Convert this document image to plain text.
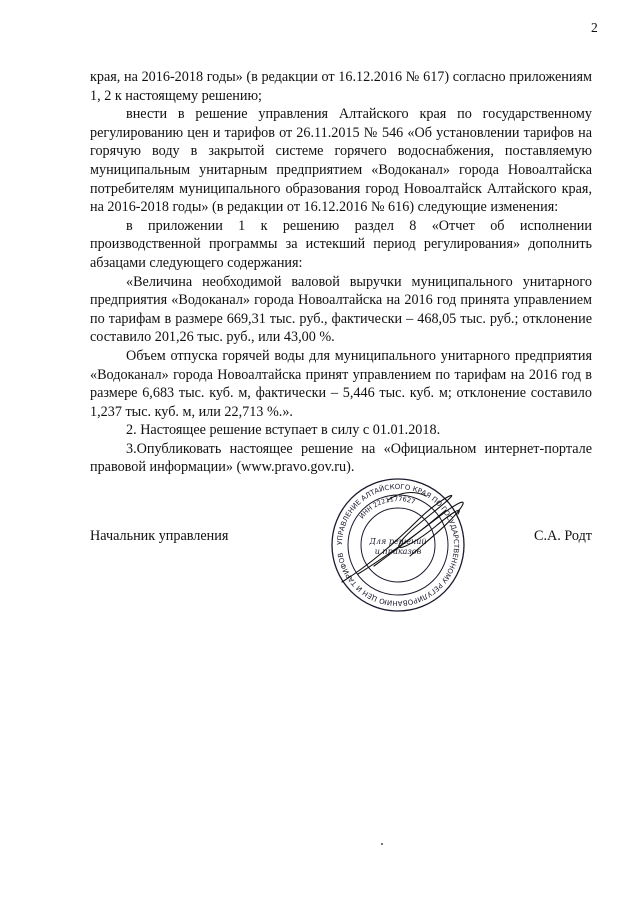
2

края, на 2016-2018 годы» (в редакции от 16.12.2016 № 617) согласно приложениям 1, 2 к настоящему решению;

внести в решение управления Алтайского края по государственному регулированию цен и тарифов от 26.11.2015 № 546 «Об установлении тарифов на горячую воду в закрытой системе горячего водоснабжения, поставляемую муниципальным унитарным предприятием «Водоканал» города Новоалтайска потребителям муниципального образования город Новоалтайск Алтайского края, на 2016-2018 годы» (в редакции от 16.12.2016 № 616) следующие изменения:

в приложении 1 к решению раздел 8 «Отчет об исполнении производственной программы за истекший период регулирования» дополнить абзацами следующего содержания:

«Величина необходимой валовой выручки муниципального унитарного предприятия «Водоканал» города Новоалтайска на 2016 год принята управлением по тарифам в размере 669,31 тыс. руб., фактически – 468,05 тыс. руб.; отклонение составило 201,26 тыс. руб., или 43,00 %.

Объем отпуска горячей воды для муниципального унитарного предприятия «Водоканал» города Новоалтайска принят управлением по тарифам на 2016 год в размере 6,683 тыс. куб. м, фактически – 5,446 тыс. куб. м; отклонение составило 1,237 тыс. куб. м, или 22,713 %.».

2. Настоящее решение вступает в силу с 01.01.2018.

3.Опубликовать настоящее решение на «Официальном интернет-портале правовой информации» (www.pravo.gov.ru).

Начальник управления	С.А. Родт
УПРАВЛЕНИЕ АЛТАЙСКОГО КРАЯ ПО ГОСУДАРСТВЕННОМУ РЕГУЛИРОВАНИЮ ЦЕН И ТАРИФОВ
ИНН 2221177627
Для решений
и приказов
